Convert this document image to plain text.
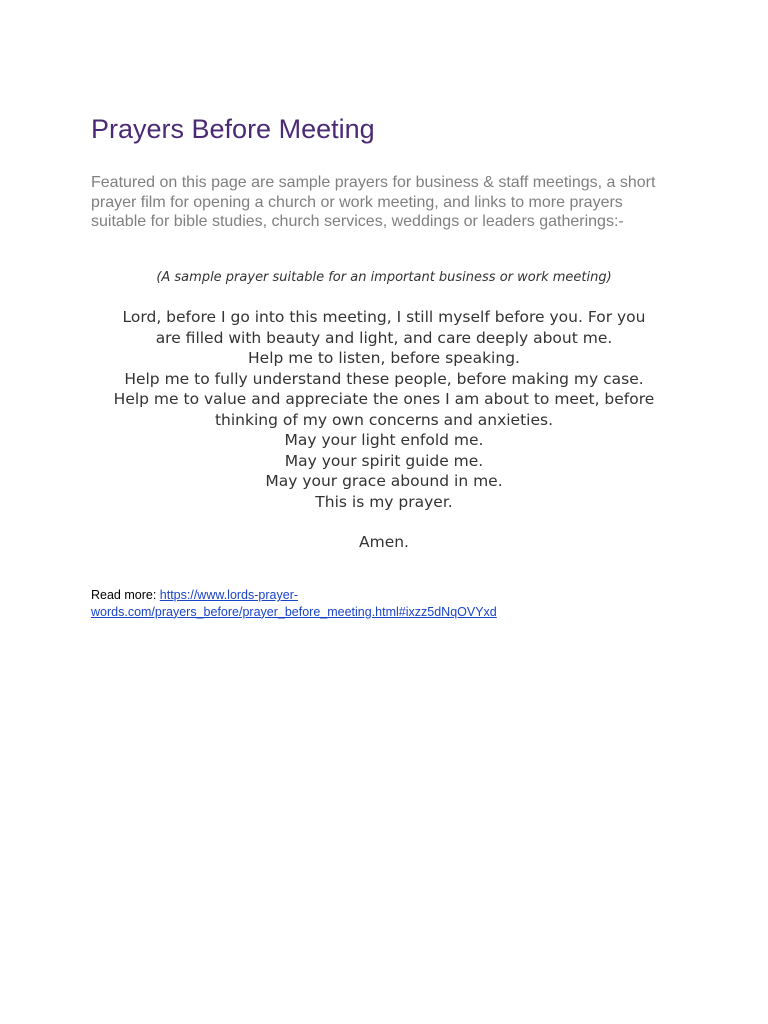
Prayers Before Meeting

Featured on this page are sample prayers for business & staff meetings, a short
prayer film for opening a church or work meeting, and links to more prayers
suitable for bible studies, church services, weddings or leaders gatherings:-

(A sample prayer suitable for an important business or work meeting)

Lord, before I go into this meeting, I still myself before you. For you
are filled with beauty and light, and care deeply about me.
Help me to listen, before speaking.
Help me to fully understand these people, before making my case.
Help me to value and appreciate the ones I am about to meet, before
thinking of my own concerns and anxieties.
May your light enfold me.
May your spirit guide me.
May your grace abound in me.
This is my prayer.

Amen.

Read more: https://www.lords-prayer-
words.com/prayers_before/prayer_before_meeting.html#ixzz5dNqOVYxd
